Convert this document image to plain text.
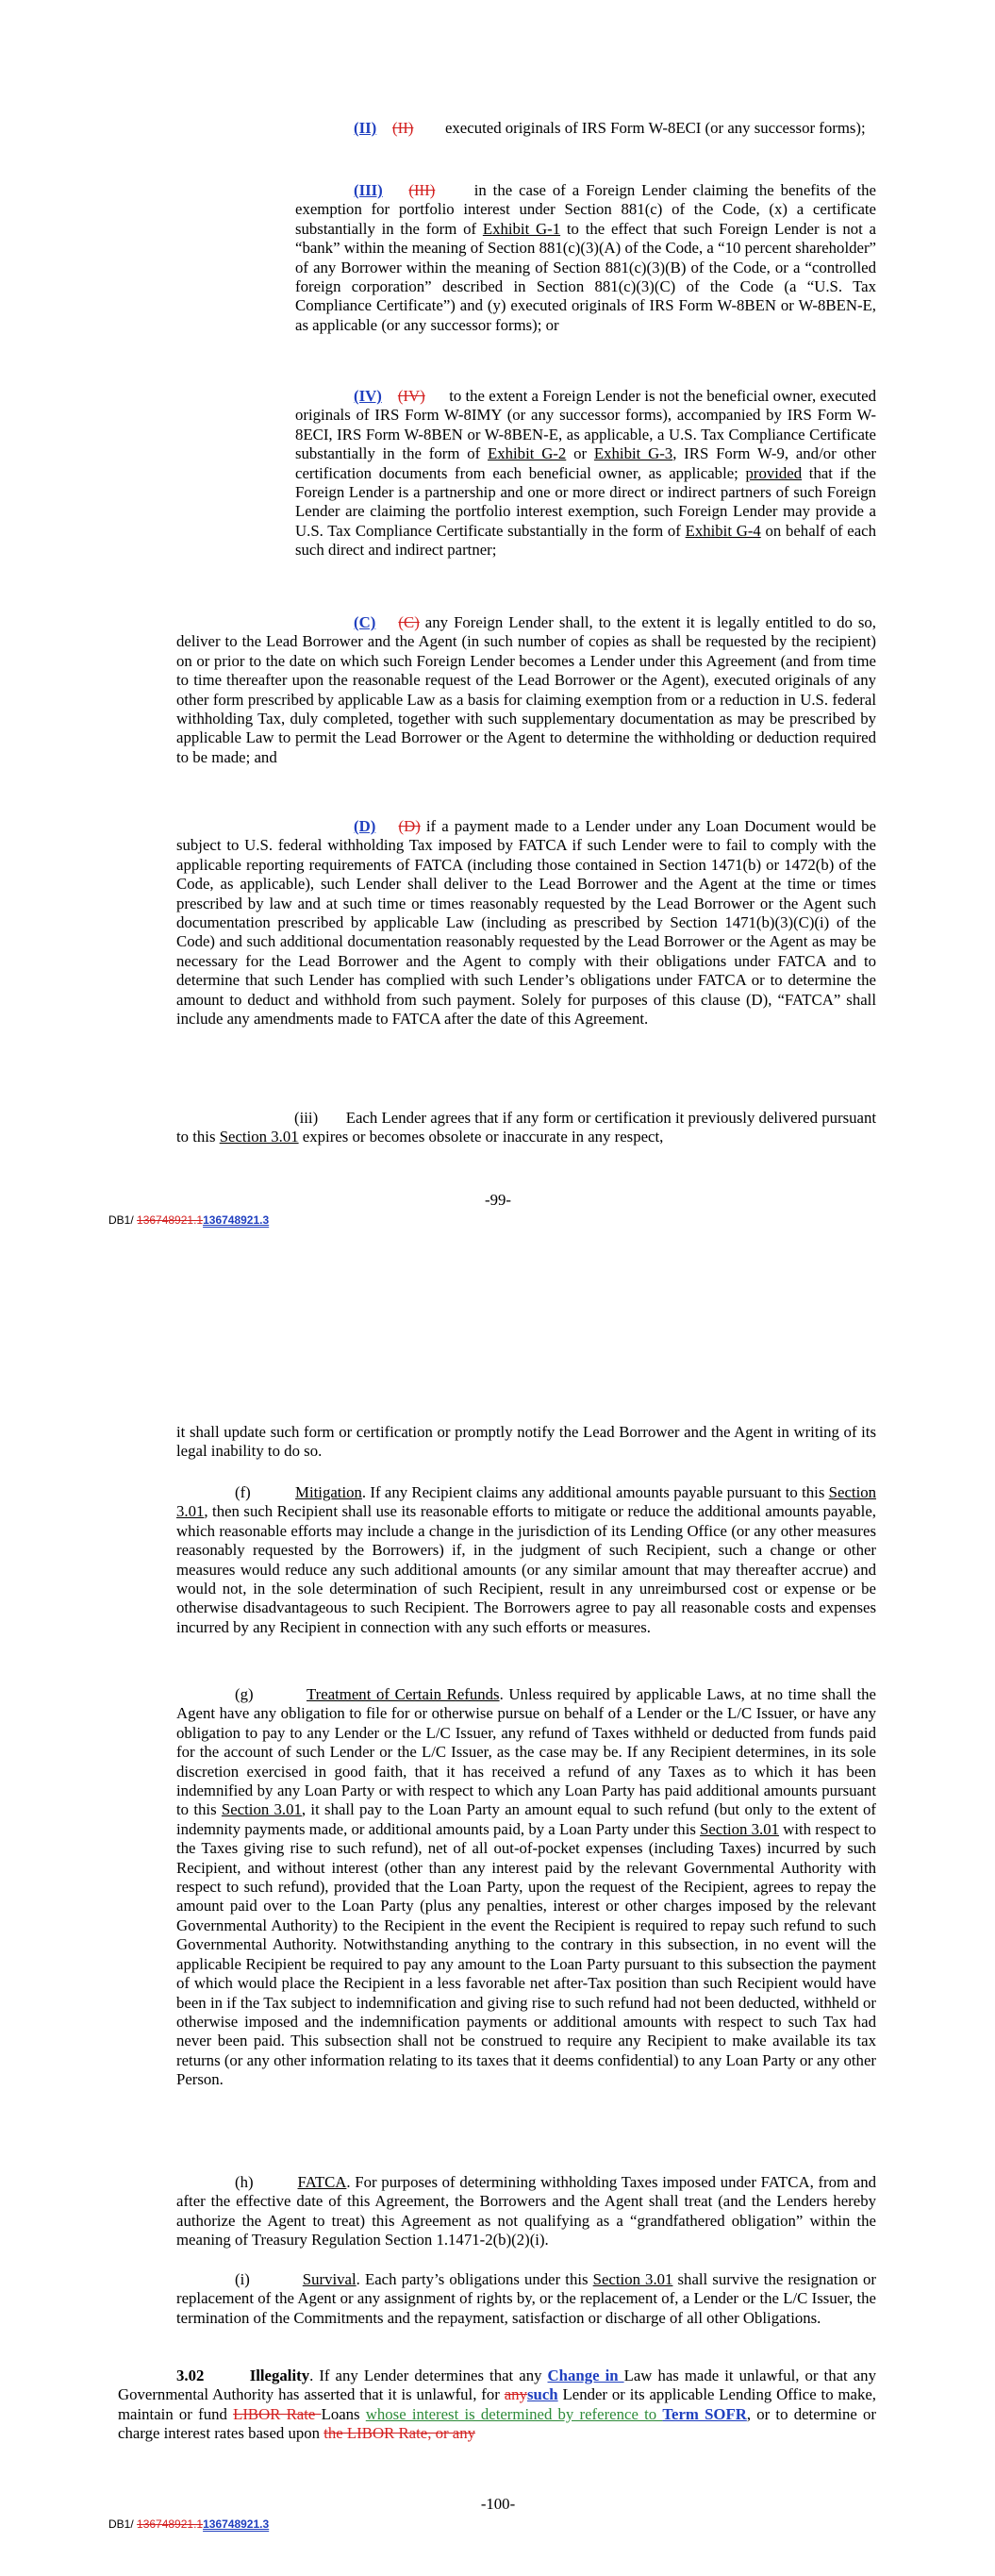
(II) (II) executed originals of IRS Form W-8ECI (or any successor forms);

(III) (III) in the case of a Foreign Lender claiming the benefits of the exemption for portfolio interest under Section 881(c) of the Code, (x) a certificate substantially in the form of Exhibit G-1 to the effect that such Foreign Lender is not a “bank” within the meaning of Section 881(c)(3)(A) of the Code, a “10 percent shareholder” of any Borrower within the meaning of Section 881(c)(3)(B) of the Code, or a “controlled foreign corporation” described in Section 881(c)(3)(C) of the Code (a “U.S. Tax Compliance Certificate”) and (y) executed originals of IRS Form W-8BEN or W-8BEN-E, as applicable (or any successor forms); or

(IV) (IV) to the extent a Foreign Lender is not the beneficial owner, executed originals of IRS Form W-8IMY (or any successor forms), accompanied by IRS Form W-8ECI, IRS Form W-8BEN or W-8BEN-E, as applicable, a U.S. Tax Compliance Certificate substantially in the form of Exhibit G-2 or Exhibit G-3, IRS Form W-9, and/or other certification documents from each beneficial owner, as applicable; provided that if the Foreign Lender is a partnership and one or more direct or indirect partners of such Foreign Lender are claiming the portfolio interest exemption, such Foreign Lender may provide a U.S. Tax Compliance Certificate substantially in the form of Exhibit G-4 on behalf of each such direct and indirect partner;

(C) (C) any Foreign Lender shall, to the extent it is legally entitled to do so, deliver to the Lead Borrower and the Agent (in such number of copies as shall be requested by the recipient) on or prior to the date on which such Foreign Lender becomes a Lender under this Agreement (and from time to time thereafter upon the reasonable request of the Lead Borrower or the Agent), executed originals of any other form prescribed by applicable Law as a basis for claiming exemption from or a reduction in U.S. federal withholding Tax, duly completed, together with such supplementary documentation as may be prescribed by applicable Law to permit the Lead Borrower or the Agent to determine the withholding or deduction required to be made; and

(D) (D) if a payment made to a Lender under any Loan Document would be subject to U.S. federal withholding Tax imposed by FATCA if such Lender were to fail to comply with the applicable reporting requirements of FATCA (including those contained in Section 1471(b) or 1472(b) of the Code, as applicable), such Lender shall deliver to the Lead Borrower and the Agent at the time or times prescribed by law and at such time or times reasonably requested by the Lead Borrower or the Agent such documentation prescribed by applicable Law (including as prescribed by Section 1471(b)(3)(C)(i) of the Code) and such additional documentation reasonably requested by the Lead Borrower or the Agent as may be necessary for the Lead Borrower and the Agent to comply with their obligations under FATCA and to determine that such Lender has complied with such Lender’s obligations under FATCA or to determine the amount to deduct and withhold from such payment. Solely for purposes of this clause (D), “FATCA” shall include any amendments made to FATCA after the date of this Agreement.

(iii) Each Lender agrees that if any form or certification it previously delivered pursuant to this Section 3.01 expires or becomes obsolete or inaccurate in any respect,

-99-
DB1/ 136748921.1136748921.3

it shall update such form or certification or promptly notify the Lead Borrower and the Agent in writing of its legal inability to do so.

(f)	Mitigation. If any Recipient claims any additional amounts payable pursuant to this Section 3.01, then such Recipient shall use its reasonable efforts to mitigate or reduce the additional amounts payable, which reasonable efforts may include a change in the jurisdiction of its Lending Office (or any other measures reasonably requested by the Borrowers) if, in the judgment of such Recipient, such a change or other measures would reduce any such additional amounts (or any similar amount that may thereafter accrue) and would not, in the sole determination of such Recipient, result in any unreimbursed cost or expense or be otherwise disadvantageous to such Recipient. The Borrowers agree to pay all reasonable costs and expenses incurred by any Recipient in connection with any such efforts or measures.

(g)	Treatment of Certain Refunds. Unless required by applicable Laws, at no time shall the Agent have any obligation to file for or otherwise pursue on behalf of a Lender or the L/C Issuer, or have any obligation to pay to any Lender or the L/C Issuer, any refund of Taxes withheld or deducted from funds paid for the account of such Lender or the L/C Issuer, as the case may be. If any Recipient determines, in its sole discretion exercised in good faith, that it has received a refund of any Taxes as to which it has been indemnified by any Loan Party or with respect to which any Loan Party has paid additional amounts pursuant to this Section 3.01, it shall pay to the Loan Party an amount equal to such refund (but only to the extent of indemnity payments made, or additional amounts paid, by a Loan Party under this Section 3.01 with respect to the Taxes giving rise to such refund), net of all out-of-pocket expenses (including Taxes) incurred by such Recipient, and without interest (other than any interest paid by the relevant Governmental Authority with respect to such refund), provided that the Loan Party, upon the request of the Recipient, agrees to repay the amount paid over to the Loan Party (plus any penalties, interest or other charges imposed by the relevant Governmental Authority) to the Recipient in the event the Recipient is required to repay such refund to such Governmental Authority. Notwithstanding anything to the contrary in this subsection, in no event will the applicable Recipient be required to pay any amount to the Loan Party pursuant to this subsection the payment of which would place the Recipient in a less favorable net after-Tax position than such Recipient would have been in if the Tax subject to indemnification and giving rise to such refund had not been deducted, withheld or otherwise imposed and the indemnification payments or additional amounts with respect to such Tax had never been paid. This subsection shall not be construed to require any Recipient to make available its tax returns (or any other information relating to its taxes that it deems confidential) to any Loan Party or any other Person.

(h)	FATCA. For purposes of determining withholding Taxes imposed under FATCA, from and after the effective date of this Agreement, the Borrowers and the Agent shall treat (and the Lenders hereby authorize the Agent to treat) this Agreement as not qualifying as a “grandfathered obligation” within the meaning of Treasury Regulation Section 1.1471-2(b)(2)(i).

(i)	Survival. Each party’s obligations under this Section 3.01 shall survive the resignation or replacement of the Agent or any assignment of rights by, or the replacement of, a Lender or the L/C Issuer, the termination of the Commitments and the repayment, satisfaction or discharge of all other Obligations.

3.02	Illegality. If any Lender determines that any Change in Law has made it unlawful, or that any Governmental Authority has asserted that it is unlawful, for anysuch Lender or its applicable Lending Office to make, maintain or fund LIBOR Rate Loans whose interest is determined by reference to Term SOFR, or to determine or charge interest rates based upon the LIBOR Rate, or any

-100-
DB1/ 136748921.1136748921.3
